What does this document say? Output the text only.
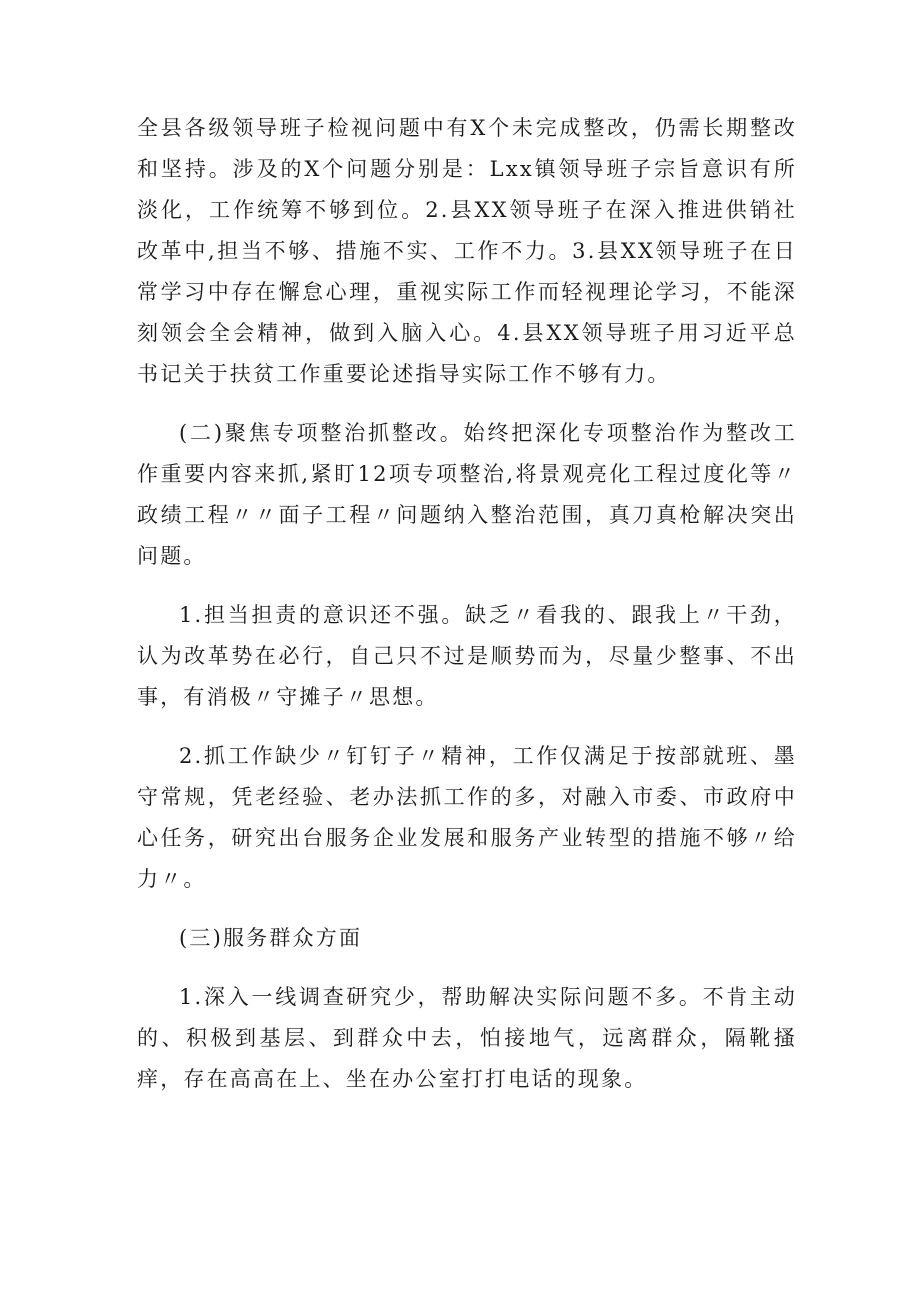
全县各级领导班子检视问题中有X个未完成整改，仍需长期整改和坚持。涉及的X个问题分别是：Lxx镇领导班子宗旨意识有所淡化，工作统筹不够到位。2.县XX领导班子在深入推进供销社改革中,担当不够、措施不实、工作不力。3.县XX领导班子在日常学习中存在懈怠心理，重视实际工作而轻视理论学习，不能深刻领会全会精神，做到入脑入心。4.县XX领导班子用习近平总书记关于扶贫工作重要论述指导实际工作不够有力。

(二)聚焦专项整治抓整改。始终把深化专项整治作为整改工作重要内容来抓,紧盯12项专项整治,将景观亮化工程过度化等〃政绩工程〃〃面子工程〃问题纳入整治范围，真刀真枪解决突出问题。

1.担当担责的意识还不强。缺乏〃看我的、跟我上〃干劲，认为改革势在必行，自己只不过是顺势而为，尽量少整事、不出事，有消极〃守摊子〃思想。

2.抓工作缺少〃钉钉子〃精神，工作仅满足于按部就班、墨守常规，凭老经验、老办法抓工作的多，对融入市委、市政府中心任务，研究出台服务企业发展和服务产业转型的措施不够〃给力〃。

(三)服务群众方面

1.深入一线调查研究少，帮助解决实际问题不多。不肯主动的、积极到基层、到群众中去，怕接地气，远离群众，隔靴搔痒，存在高高在上、坐在办公室打打电话的现象。
